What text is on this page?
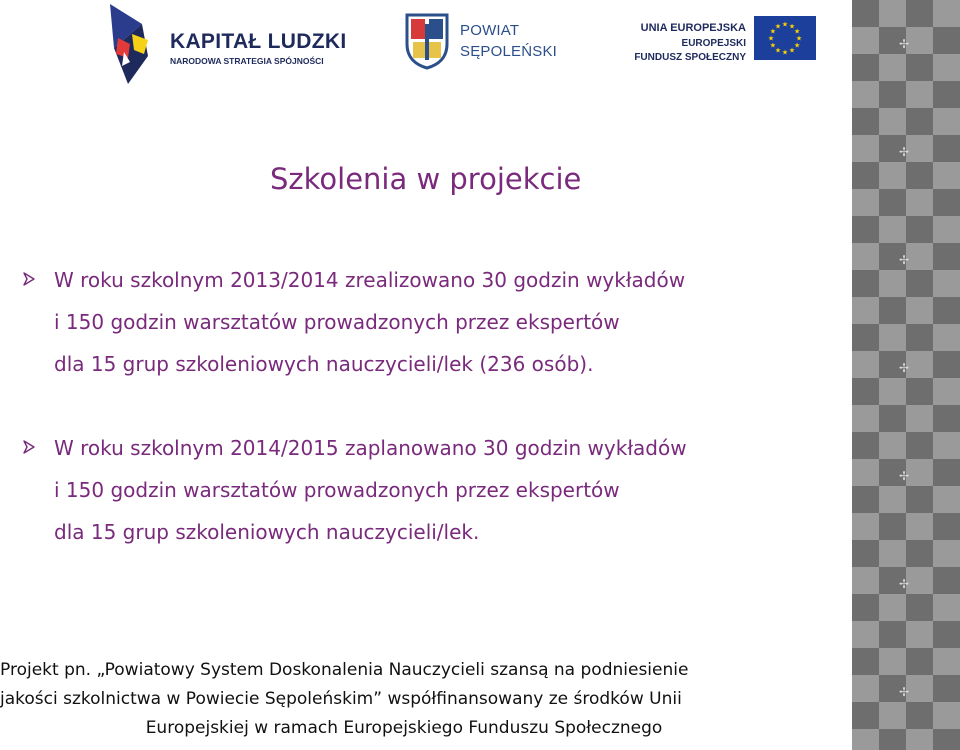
✢
✢
✢
✢
✢
✢
✢
KAPITAŁ LUDZKI
NARODOWA STRATEGIA SPÓJNOŚCI
POWIAT
SĘPOLEŃSKI
UNIA EUROPEJSKA
EUROPEJSKI
FUNDUSZ SPOŁECZNY
★ ★
★
★
★
★
★
★
★
★
★
★
Szkolenia w projekcie
W roku szkolnym 2013/2014 zrealizowano 30 godzin wykładów
i 150 godzin warsztatów prowadzonych przez ekspertów
dla 15 grup szkoleniowych nauczycieli/lek (236 osób).
W roku szkolnym 2014/2015 zaplanowano 30 godzin wykładów
i 150 godzin warsztatów prowadzonych przez ekspertów
dla 15 grup szkoleniowych nauczycieli/lek.
Projekt pn. „Powiatowy System Doskonalenia Nauczycieli szansą na podniesienie
jakości szkolnictwa w Powiecie Sępoleńskim” współfinansowany ze środków Unii
Europejskiej w ramach Europejskiego Funduszu Społecznego
